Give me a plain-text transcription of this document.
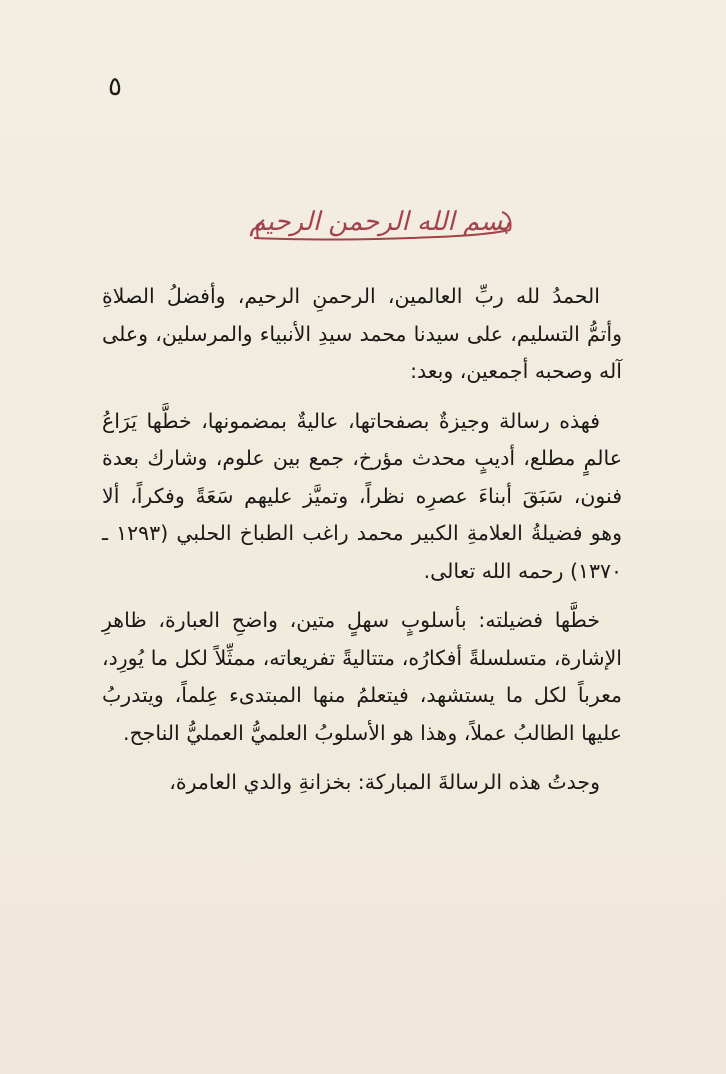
٥
بسم الله الرحمن الرحيم

الحمدُ لله ربِّ العالمين، الرحمنِ الرحيم، وأفضلُ الصلاةِ وأتمُّ التسليم، على سيدنا محمد سيدِ الأنبياء والمرسلين، وعلى آله وصحبه أجمعين، وبعد:

فهذه رسالة وجيزةٌ بصفحاتها، عاليةٌ بمضمونها، خطَّها يَرَاعُ عالمٍ مطلع، أديبٍ محدث مؤرخ، جمع بين علوم، وشارك بعدة فنون، سَبَقَ أبناءَ عصرِه نظراً، وتميَّز عليهم سَعَةً وفكراً، ألا وهو فضيلةُ العلامةِ الكبير محمد راغب الطباخ الحلبي (١٢٩٣ ـ ١٣٧٠) رحمه الله تعالى.

خطَّها فضيلته: بأسلوبٍ سهلٍ متين، واضحِ العبارة، ظاهرِ الإشارة، متسلسلةً أفكارُه، متتاليةً تفريعاته، ممثِّلاً لكل ما يُورِد، معرباً لكل ما يستشهد، فيتعلمُ منها المبتدىء عِلماً، ويتدربُ عليها الطالبُ عملاً، وهذا هو الأسلوبُ العلميُّ العمليُّ الناجح.

وجدتُ هذه الرسالةَ المباركة: بخزانةِ والدي العامرة،
